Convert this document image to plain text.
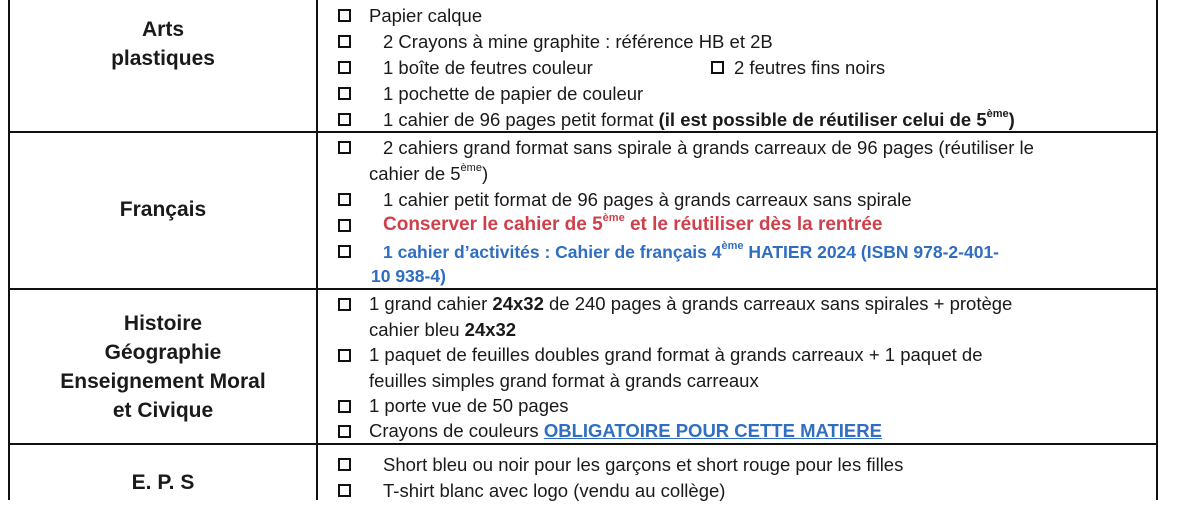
Arts
plastiques
Français
Histoire
Géographie
Enseignement Moral
et Civique
E. P. S
Papier calque
2 Crayons à mine graphite : référence HB et 2B
1 boîte de feutres couleur	2 feutres fins noirs
1 pochette de papier de couleur
1 cahier de 96 pages petit format (il est possible de réutiliser celui de 5ème)
2 cahiers grand format sans spirale à grands carreaux de 96 pages (réutiliser le
cahier de 5ème)
1 cahier petit format de 96 pages à grands carreaux sans spirale
Conserver le cahier de 5ème et le réutiliser dès la rentrée
1 cahier d’activités : Cahier de français 4ème HATIER 2024 (ISBN 978-2-401-
10 938-4)
1 grand cahier 24x32 de 240 pages à grands carreaux sans spirales + protège
cahier bleu 24x32
1 paquet de feuilles doubles grand format à grands carreaux + 1 paquet de
feuilles simples grand format à grands carreaux
1 porte vue de 50 pages
Crayons de couleurs OBLIGATOIRE POUR CETTE MATIERE
Short bleu ou noir pour les garçons et short rouge pour les filles
T-shirt blanc avec logo (vendu au collège)
